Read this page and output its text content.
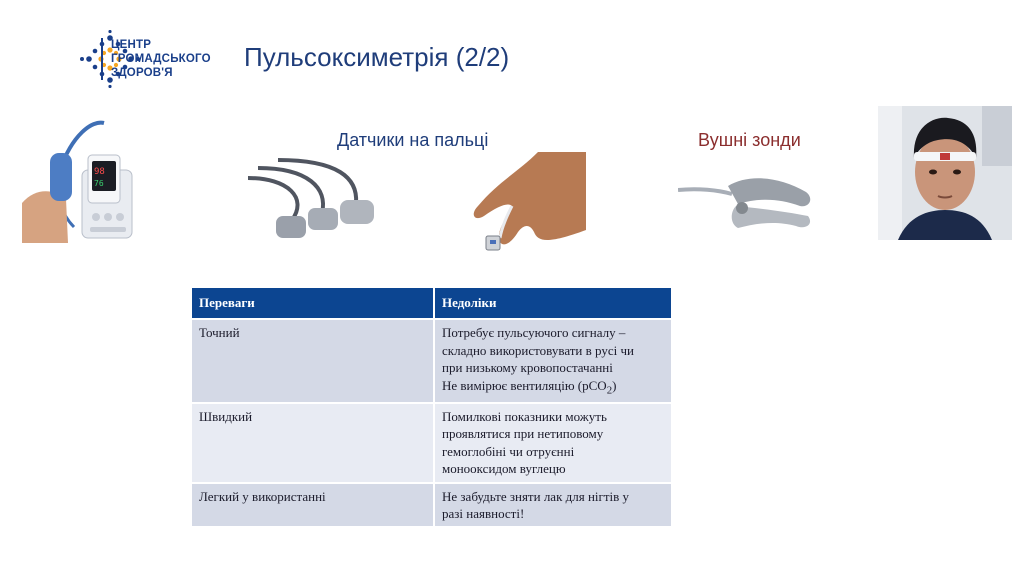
ЦЕНТР
ГРОМАДСЬКОГО
ЗДОРОВ'Я
Пульсоксиметрія (2/2)
98
76
Датчики на пальці	Вушні зонди
Переваги	Недоліки
Точний	Потребує пульсуючого сигналу –
складно використовувати в русі чи
при низькому кровопостачанні
Не вимірює вентиляцію (pCO$_2$)

Швидкий	Помилкові показники можуть
проявлятися при нетиповому
гемоглобіні чи отруєнні
монооксидом вуглецю

Легкий у використанні	Не забудьте зняти лак для нігтів у
разі наявності!
